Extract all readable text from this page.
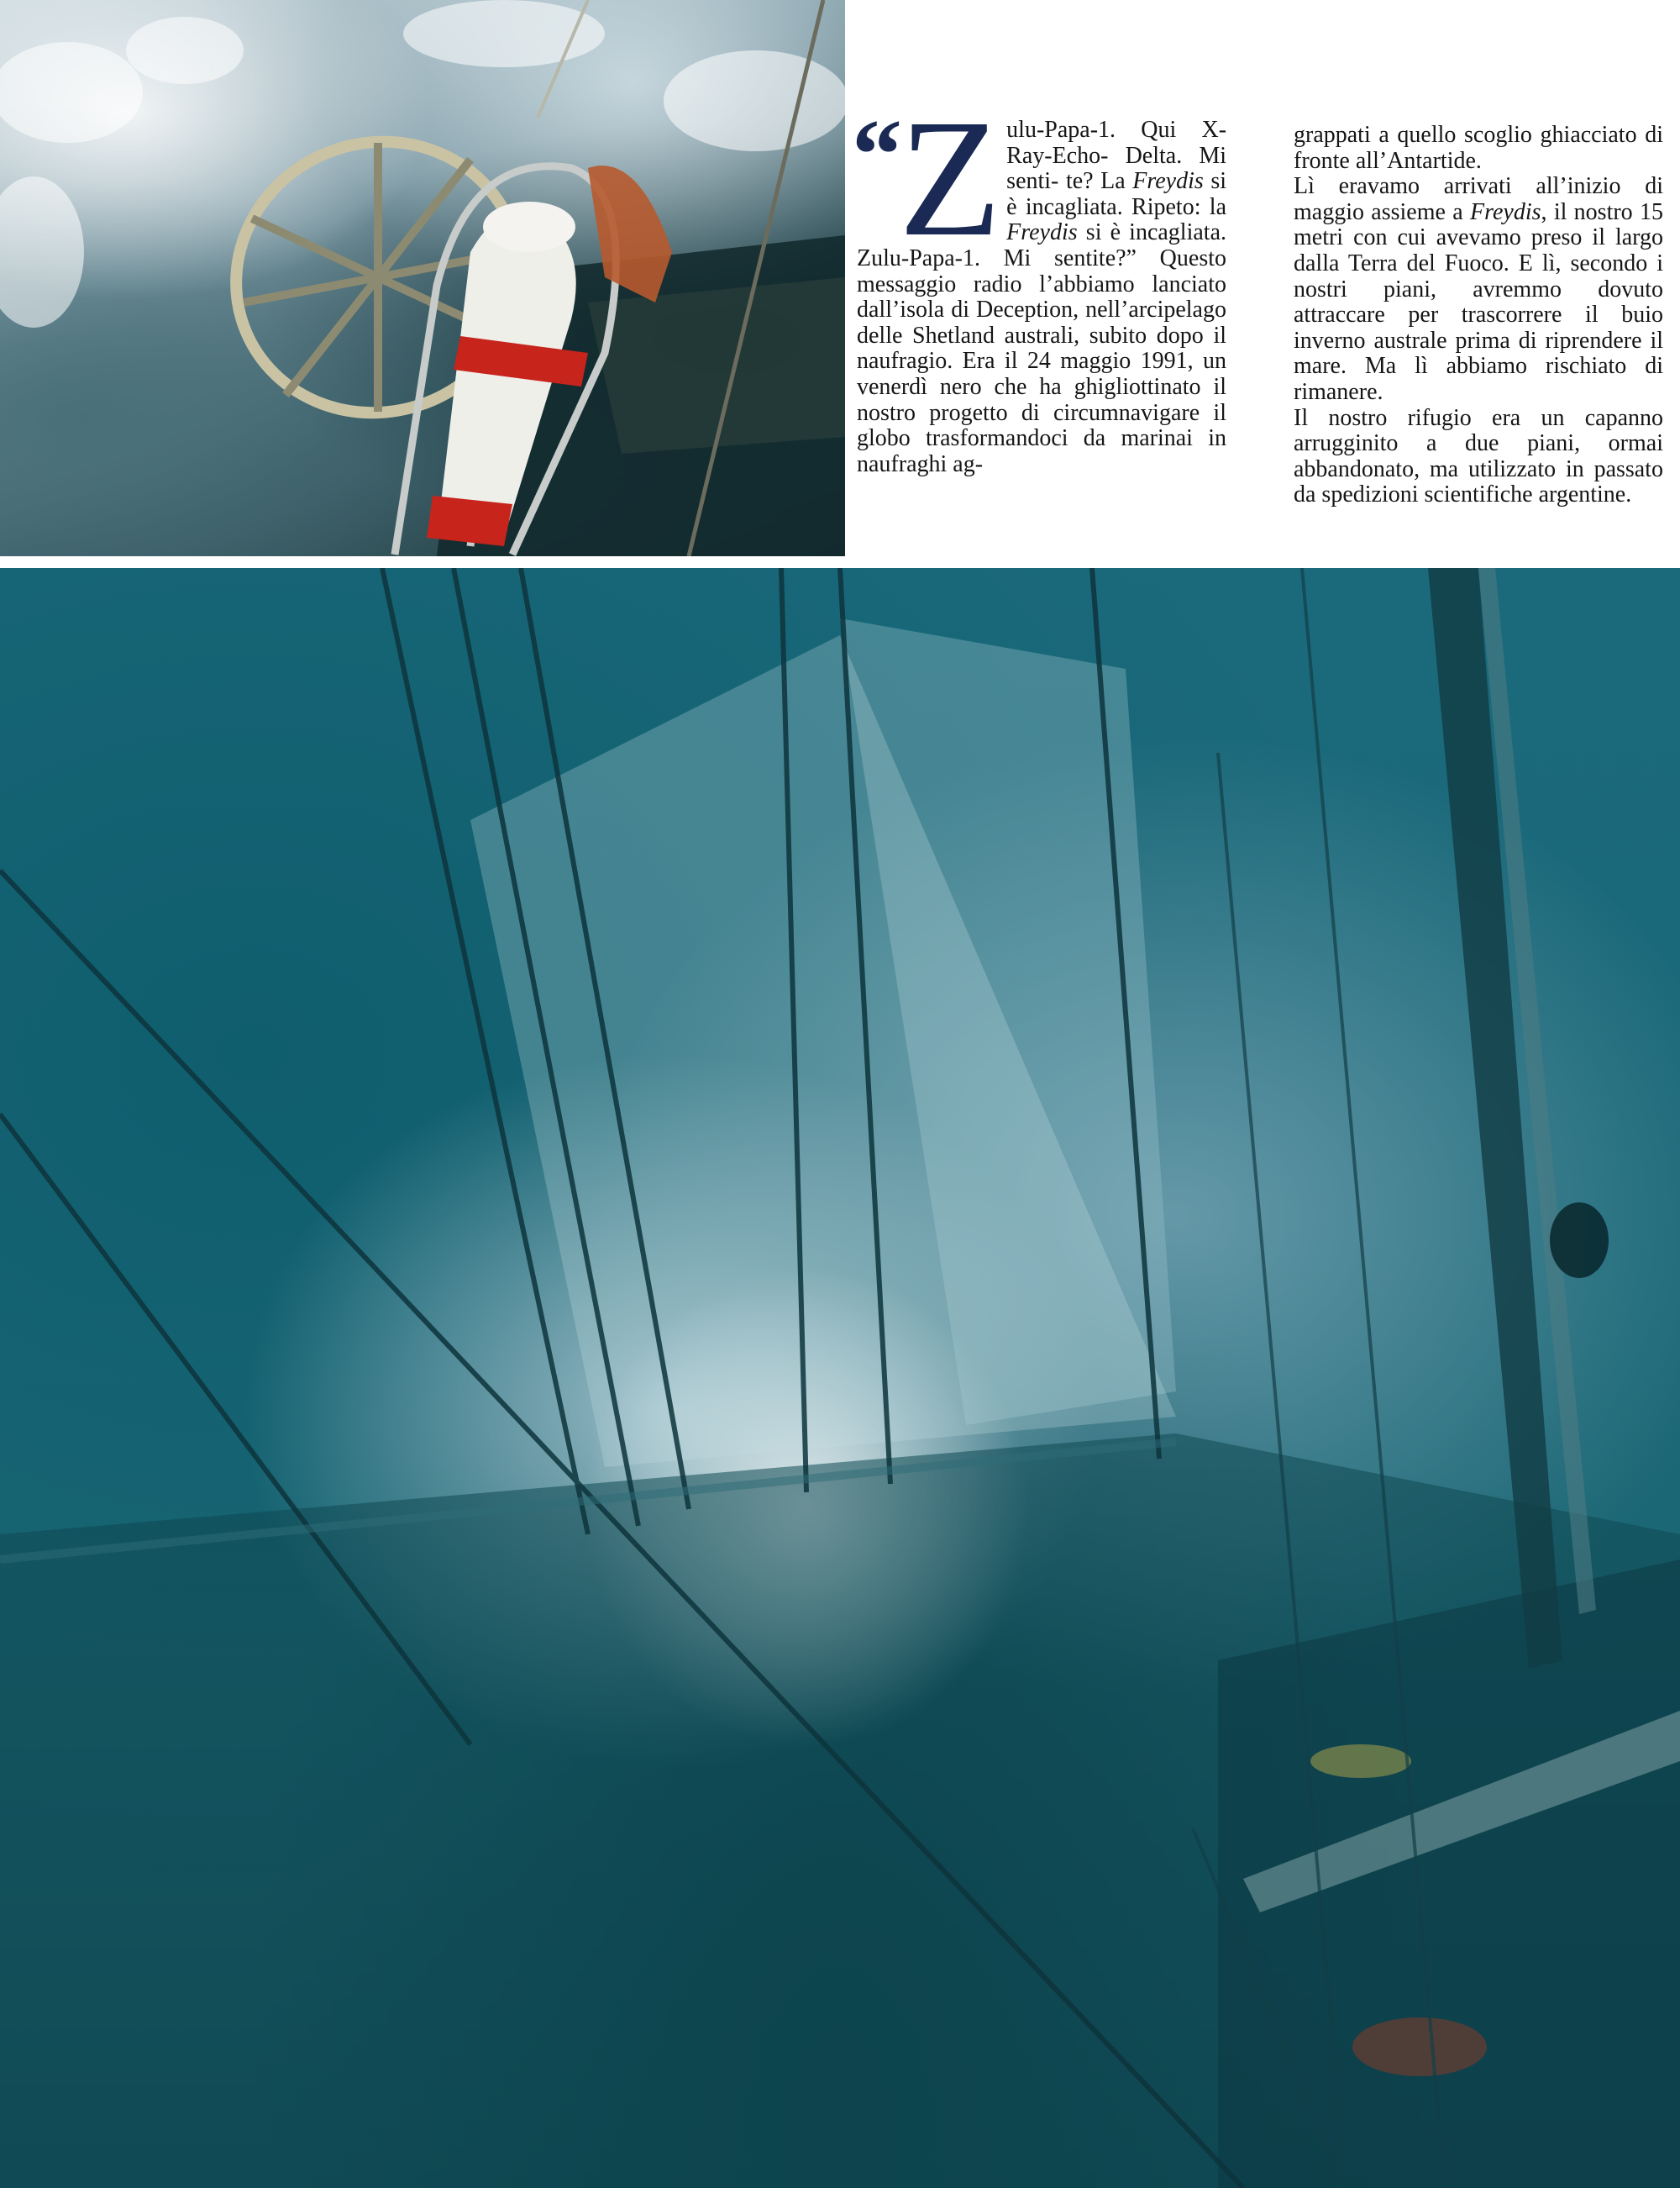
“ Z ulu-Papa-1. Qui X-Ray-Echo- Delta. Mi senti- te? La Freydis si è incagliata. Ripeto: la Freydis si è incagliata. Zulu-Papa-1. Mi sentite?” Questo messaggio radio l’abbiamo lanciato dall’isola di Deception, nell’arcipelago delle Shetland australi, subito dopo il naufragio. Era il 24 maggio 1991, un venerdì nero che ha ghigliottinato il nostro progetto di circumnavigare il globo trasformandoci da marinai in naufraghi ag-

grappati a quello scoglio ghiacciato di fronte all’Antartide.

Lì eravamo arrivati all’inizio di maggio assieme a Freydis, il nostro 15 metri con cui avevamo preso il largo dalla Terra del Fuoco. E lì, secondo i nostri piani, avremmo dovuto attraccare per trascorrere il buio inverno australe prima di riprendere il mare. Ma lì abbiamo rischiato di rimanere.

Il nostro rifugio era un capanno arrugginito a due piani, ormai abbandonato, ma utilizzato in passato da spedizioni scientifiche argentine.
